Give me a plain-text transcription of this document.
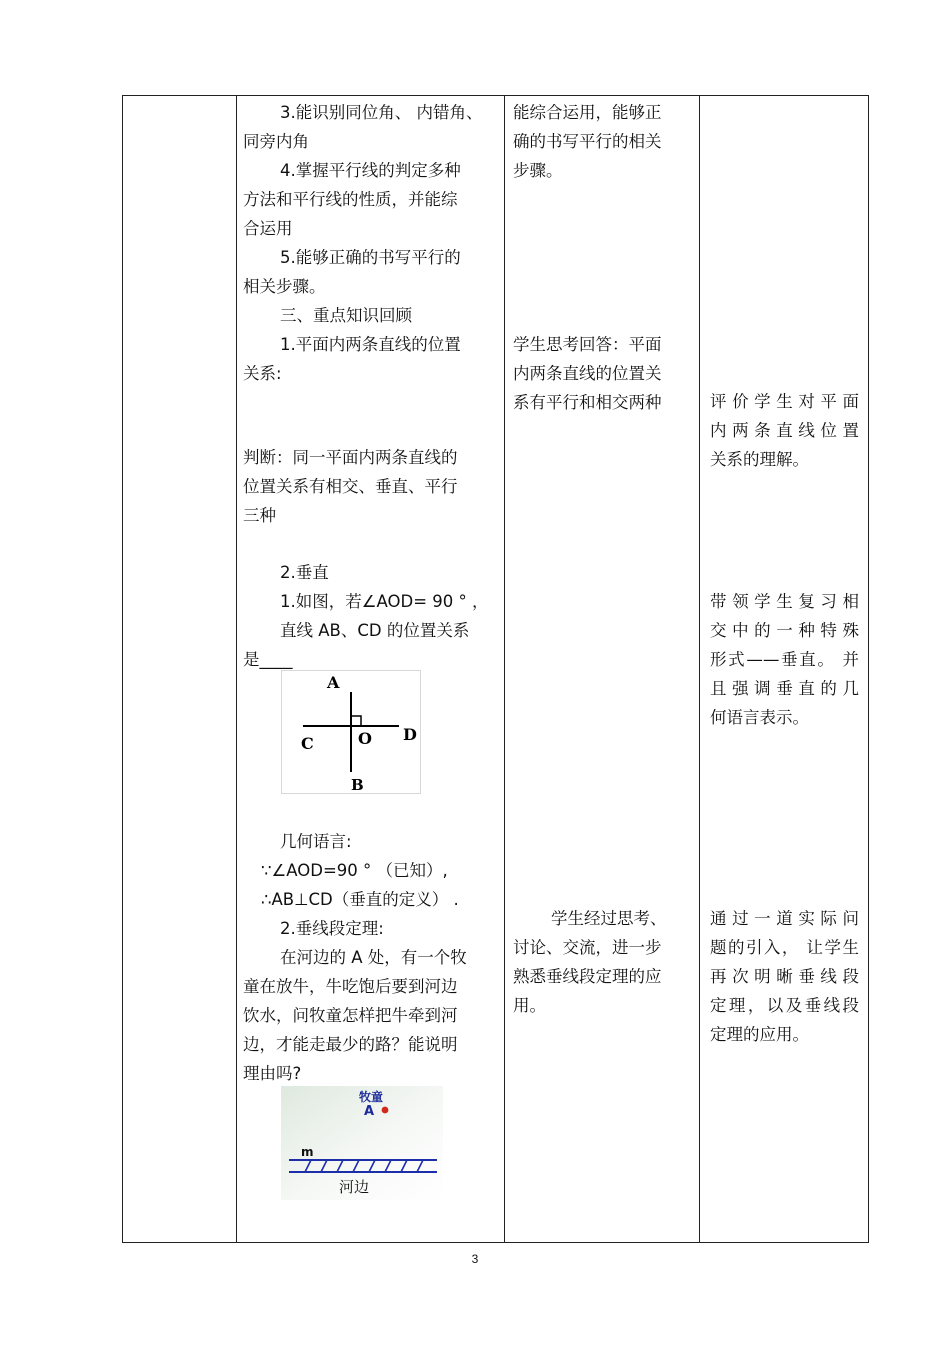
3.能识别同位角、 内错角、
同旁内角
4.掌握平行线的判定多种
方法和平行线的性质，并能综
合运用
5.能够正确的书写平行的
相关步骤。
三、重点知识回顾
1.平面内两条直线的位置
关系:
判断：同一平面内两条直线的
位置关系有相交、垂直、平行
三种
2.垂直
1.如图，若∠AOD= 90 ° ，
直线 AB、CD 的位置关系
是____
A
C	O D
B
几何语言:
∵∠AOD=90 ° （已知）,
∴AB⊥CD（垂直的定义） .
2.垂线段定理:
在河边的 A 处，有一个牧
童在放牛，牛吃饱后要到河边
饮水，问牧童怎样把牛牵到河
边，才能走最少的路？能说明
理由吗?
牧童
A
m
河边

能综合运用，能够正
确的书写平行的相关
步骤。
学生思考回答：平面
内两条直线的位置关
系有平行和相交两种
学生经过思考、
讨论、交流，进一步
熟悉垂线段定理的应
用。

评价学生对平面
内两条直线位置
关系的理解。
带领学生复习相
交中的一种特殊
形式——垂直。 并
且强调垂直的几
何语言表示。
通过一道实际问
题的引入， 让学生
再次明晰垂线段
定理，以及垂线段
定理的应用。
3
